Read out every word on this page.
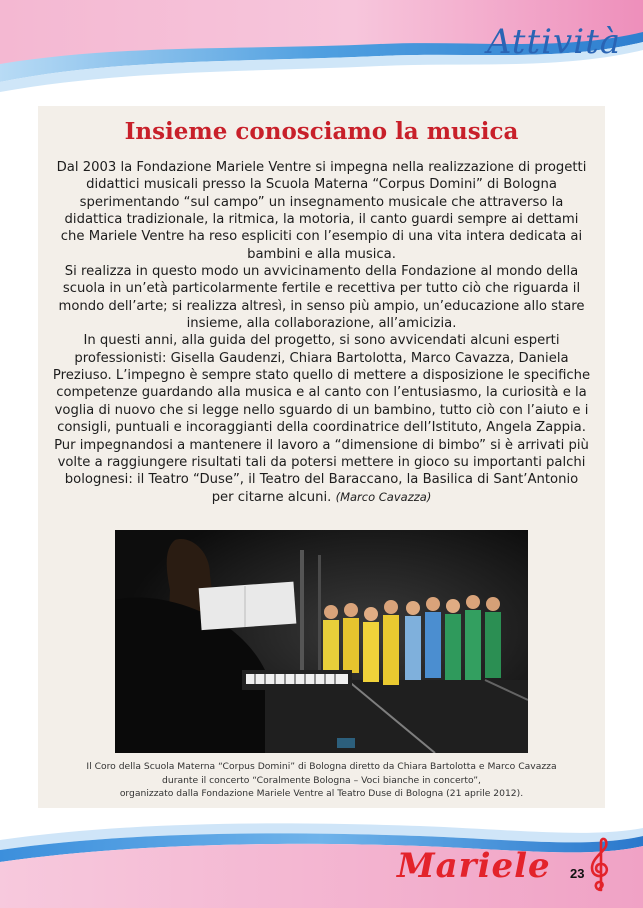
Attività
Insieme conosciamo la musica

Dal 2003 la Fondazione Mariele Ventre si impegna nella realizzazione di progetti didattici musicali presso la Scuola Materna “Corpus Domini” di Bologna sperimentando “sul campo” un insegnamento musicale che attraverso la didattica tradizionale, la ritmica, la motoria, il canto guardi sempre ai dettami che Mariele Ventre ha reso espliciti con l’esempio di una vita intera dedicata ai bambini e alla musica.

Si realizza in questo modo un avvicinamento della Fondazione al mondo della scuola in un’età particolarmente fertile e recettiva per tutto ciò che riguarda il mondo dell’arte; si realizza altresì, in senso più ampio, un’educazione allo stare insieme, alla collaborazione, all’amicizia.

In questi anni, alla guida del progetto, si sono avvicendati alcuni esperti professionisti: Gisella Gaudenzi, Chiara Bartolotta, Marco Cavazza, Daniela Preziuso. L’impegno è sempre stato quello di mettere a disposizione le specifiche competenze guardando alla musica e al canto con l’entusiasmo, la curiosità e la voglia di nuovo che si legge nello sguardo di un bambino, tutto ciò con l’aiuto e i consigli, puntuali e incoraggianti della coordinatrice dell’Istituto, Angela Zappia.

Pur impegnandosi a mantenere il lavoro a “dimensione di bimbo” si è arrivati più volte a raggiungere risultati tali da potersi mettere in gioco su importanti palchi bolognesi: il Teatro “Duse”, il Teatro del Baraccano, la Basilica di Sant’Antonio per citarne alcuni. (Marco Cavazza)

Il Coro della Scuola Materna “Corpus Domini” di Bologna diretto da Chiara Bartolotta e Marco Cavazza
durante il concerto “Coralmente Bologna – Voci bianche in concerto”,
organizzato dalla Fondazione Mariele Ventre al Teatro Duse di Bologna (21 aprile 2012).
Mariele 23
